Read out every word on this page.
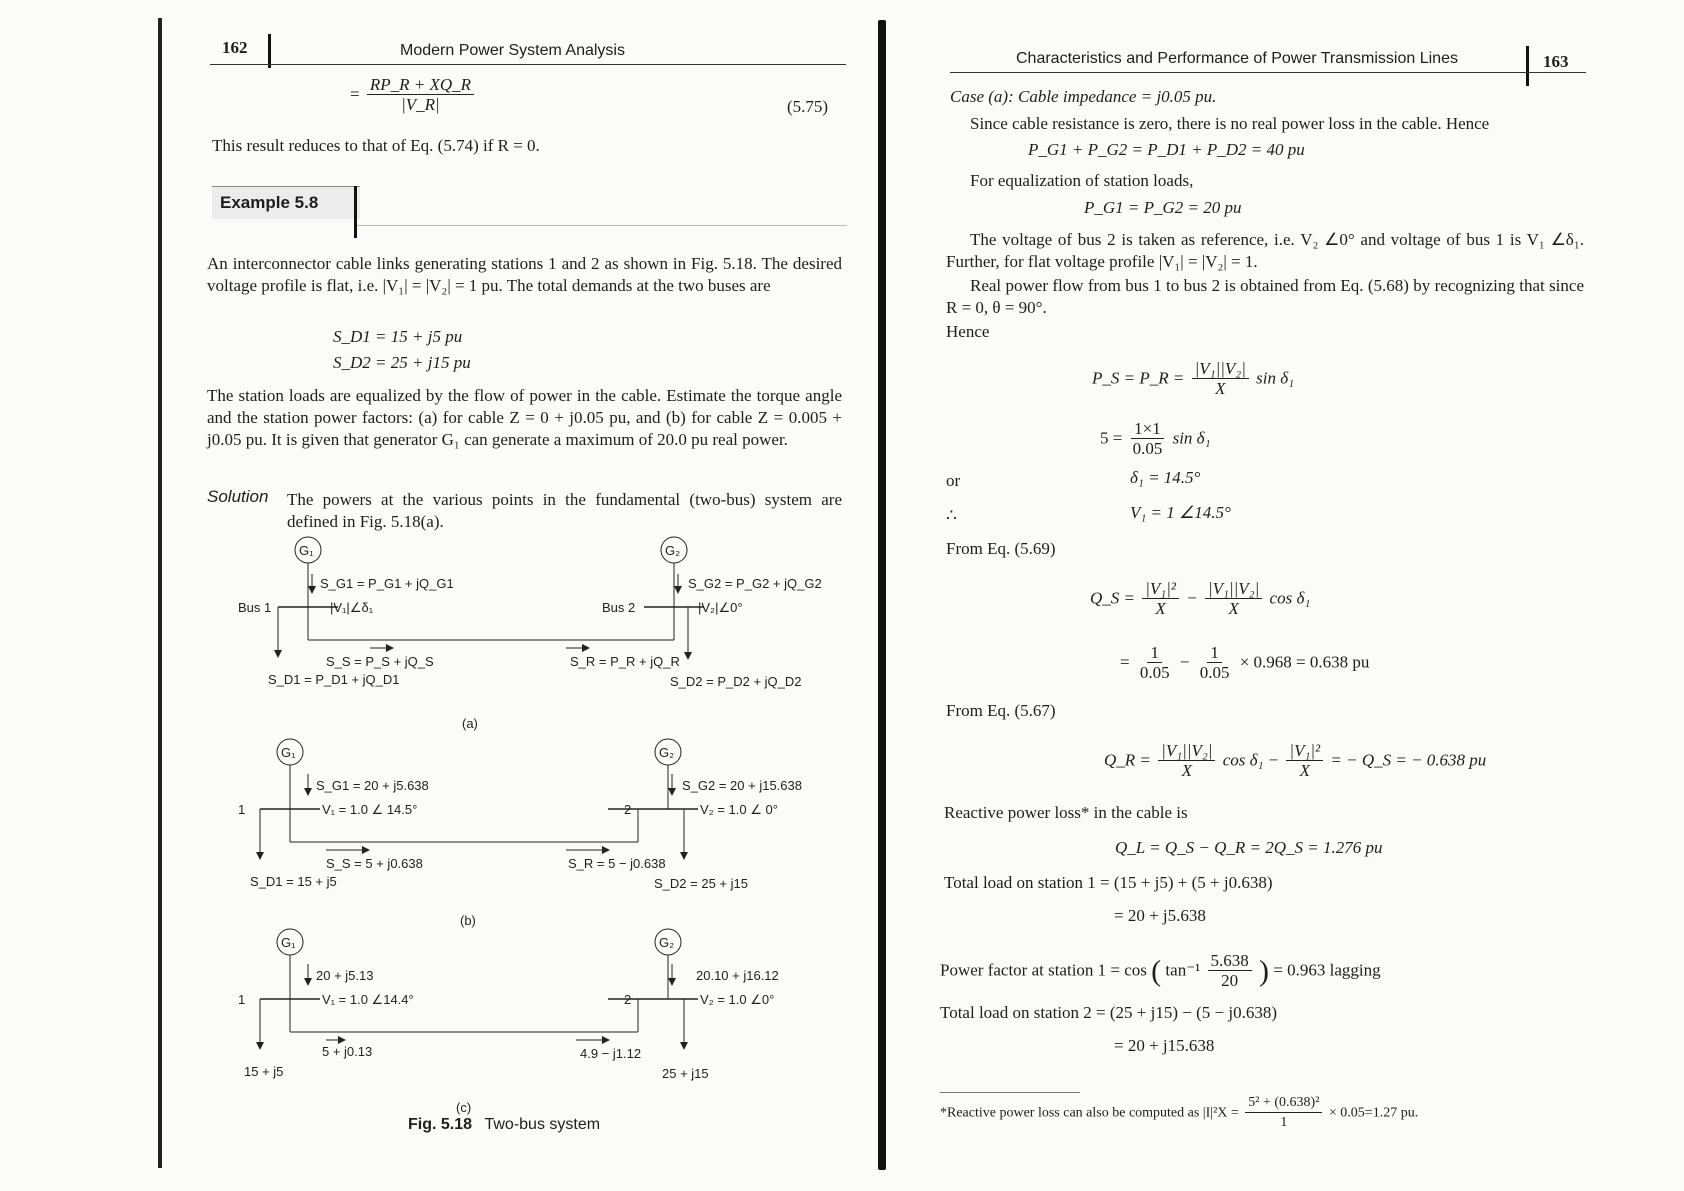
162	Modern Power System Analysis
= $\frac{RP\_R + XQ\_R}{|V\_R|}$	(5.75)
This result reduces to that of Eq. (5.74) if R = 0.
Example 5.8
An interconnector cable links generating stations 1 and 2 as shown in Fig. 5.18. The desired voltage profile is flat, i.e. |V₁| = |V₂| = 1 pu. The total demands at the two buses are
S_D1 = 15 + j5 pu
S_D2 = 25 + j15 pu
The station loads are equalized by the flow of power in the cable. Estimate the torque angle and the station power factors: (a) for cable Z = 0 + j0.05 pu, and (b) for cable Z = 0.005 + j0.05 pu. It is given that generator G₁ can generate a maximum of 20.0 pu real power.
Solution The powers at the various points in the fundamental (two-bus) system are defined in Fig. 5.18(a).
G₁
S_G1 = P_G1 + jQ_G1
Bus 1	|V₁|∠δ₁
S_S = P_S + jQ_S
S_D1 = P_D1 + jQ_D1
G₂
S_G2 = P_G2 + jQ_G2
Bus 2	|V₂|∠0°
S_R = P_R + jQ_R
S_D2 = P_D2 + jQ_D2
(a)
G₁
S_G1 = 20 + j5.638
1	V₁ = 1.0 ∠ 14.5°
S_S = 5 + j0.638
S_D1 = 15 + j5
G₂
S_G2 = 20 + j15.638
2	V₂ = 1.0 ∠ 0°
S_R = 5 − j0.638
S_D2 = 25 + j15
(b)
G₁
20 + j5.13
1	V₁ = 1.0 ∠14.4°
5 + j0.13
15 + j5
G₂
20.10 + j16.12
2	V₂ = 1.0 ∠0°
4.9 − j1.12
25 + j15
(c)
Fig. 5.18 Two-bus system
Characteristics and Performance of Power Transmission Lines	163
Case (a): Cable impedance = j0.05 pu.
Since cable resistance is zero, there is no real power loss in the cable. Hence
P_G1 + P_G2 = P_D1 + P_D2 = 40 pu
For equalization of station loads,
P_G1 = P_G2 = 20 pu
The voltage of bus 2 is taken as reference, i.e. V₂ ∠0° and voltage of bus 1 is V₁ ∠δ₁. Further, for flat voltage profile |V₁| = |V₂| = 1.
Real power flow from bus 1 to bus 2 is obtained from Eq. (5.68) by recognizing that since R = 0, θ = 90°.
Hence
P_S = P_R = $\frac{\text{|V₁||V₂|}}{X}$ sin δ₁
$5 = \frac{1\times 1}{0.05}$ sin δ₁
or	δ₁ = 14.5°
∴	V₁ = 1 ∠14.5°
From Eq. (5.69)
Q_S = $\frac{\text{|V₁|²}}{X} - \frac{\text{|V₁||V₂|}}{X}$ cos δ₁
= $\frac{1}{0.05} - \frac{1}{0.05} \times 0.968 = 0.638$ pu
From Eq. (5.67)
Q_R = $\frac{\text{|V₁||V₂|}}{X}$ $\cos \delta_1 - \frac{\text{|V₁|²}}{X}$ = − Q_S = − 0.638 pu
Reactive power loss* in the cable is
Q_L = Q_S − Q_R = 2Q_S = 1.276 pu
Total load on station 1 = (15 + j5) + (5 + j0.638)
= 20 + j5.638
Power factor at station 1 = cos ( $\tan^{-1} \frac{5.638}{20}$ ) = 0.963 lagging
Total load on station 2 = (25 + j15) − (5 − j0.638)
= 20 + j15.638
*Reactive power loss can also be computed as $|I|^2X = \frac{\text{5² + (0.638)²}}{1} \times 0.05=1.27$ pu.
